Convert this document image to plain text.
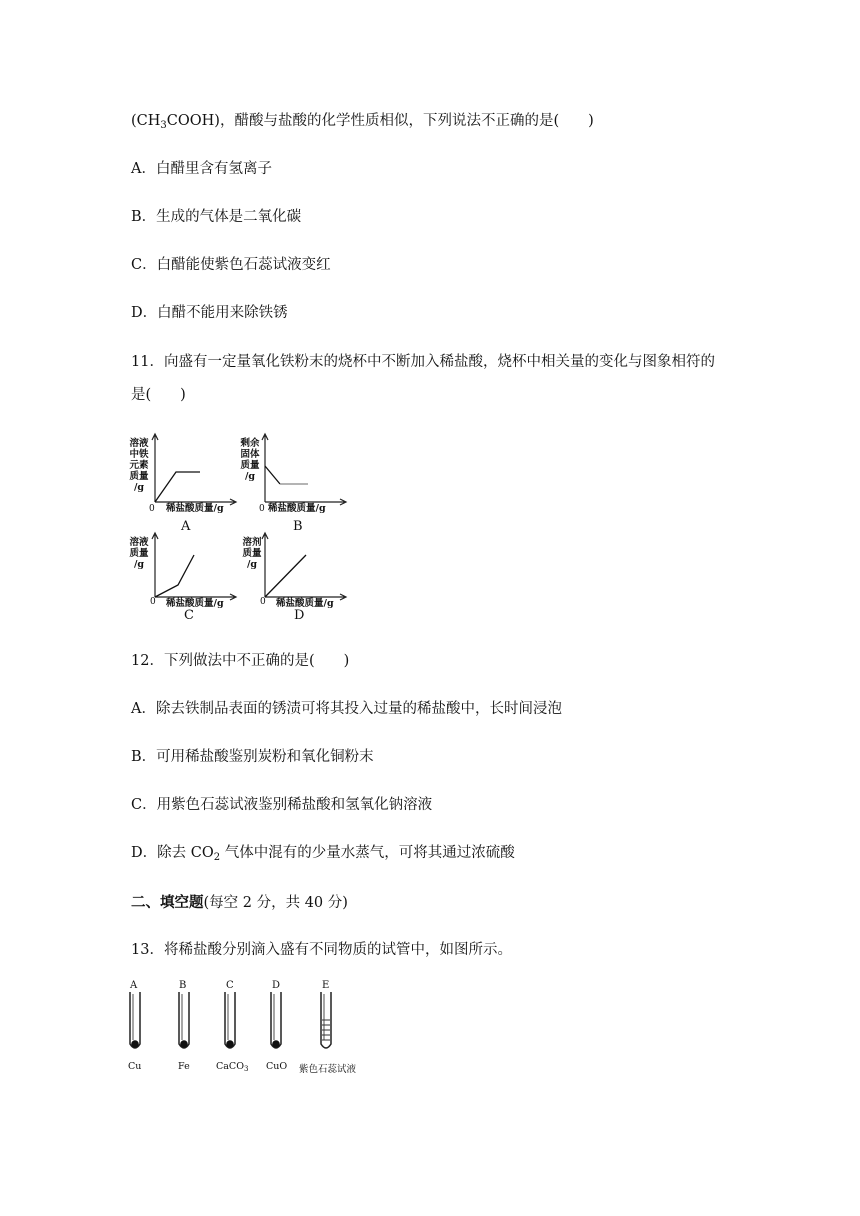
$(CH_3COOH)$，醋酸与盐酸的化学性质相似，下列说法不正确的是(　　)
A．白醋里含有氢离子
B．生成的气体是二氧化碳
C．白醋能使紫色石蕊试液变红
D．白醋不能用来除铁锈
11．向盛有一定量氧化铁粉末的烧杯中不断加入稀盐酸，烧杯中相关量的变化与图象相符的
是(　　)
溶液
中铁
元素
质量
/g
0 稀盐酸质量/g
A
剩余
固体
质量
/g
0 稀盐酸质量/g
B
溶液
质量
/g
0 稀盐酸质量/g
C
溶剂
质量
/g
0 稀盐酸质量/g
D
12．下列做法中不正确的是(　　)
A．除去铁制品表面的锈渍可将其投入过量的稀盐酸中，长时间浸泡
B．可用稀盐酸鉴别炭粉和氧化铜粉末
C．用紫色石蕊试液鉴别稀盐酸和氢氧化钠溶液
D．除去 $CO_2$ 气体中混有的少量水蒸气，可将其通过浓硫酸
二、填空题(每空 2 分，共 40 分)
13．将稀盐酸分别滴入盛有不同物质的试管中，如图所示。
A
Cu
B
Fe
C
CaCO$_3$
D
CuO
E
紫色石蕊试液
